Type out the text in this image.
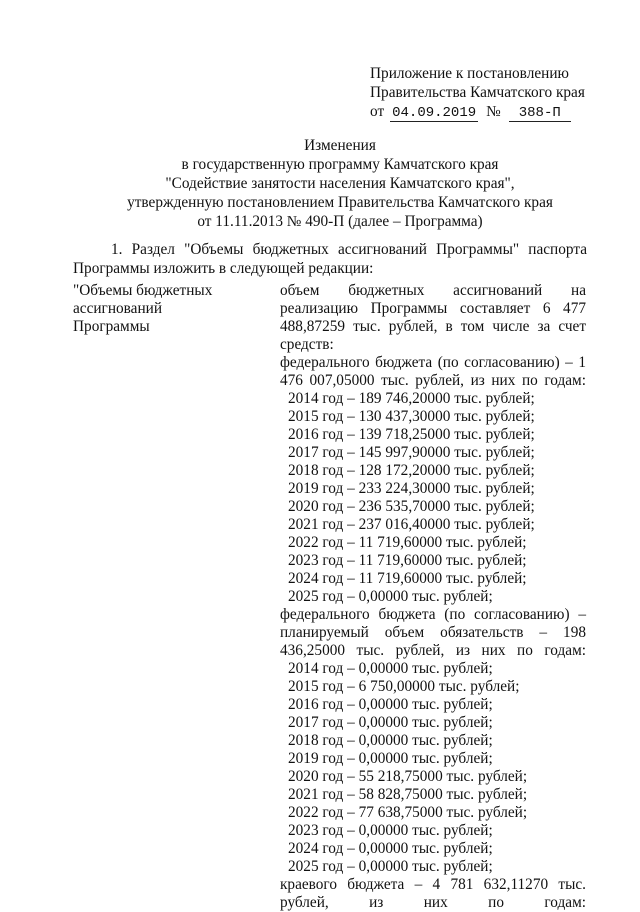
Приложение к постановлению
Правительства Камчатского края
от 04.09.2019 №	388-П
Изменения
в государственную программу Камчатского края
"Содействие занятости населения Камчатского края",
утвержденную постановлением Правительства Камчатского края
от 11.11.2013 № 490-П (далее – Программа)
1. Раздел "Объемы бюджетных ассигнований Программы" паспорта Программы изложить в следующей редакции:
"Объемы бюджетных
ассигнований
Программы
объем бюджетных ассигнований на реализацию Программы составляет 6 477 488,87259 тыс. рублей, в том числе за счет средств:
федерального бюджета (по согласованию) – 1 476 007,05000 тыс. рублей, из них по годам:
2014 год – 189 746,20000 тыс. рублей;
2015 год – 130 437,30000 тыс. рублей;
2016 год – 139 718,25000 тыс. рублей;
2017 год – 145 997,90000 тыс. рублей;
2018 год – 128 172,20000 тыс. рублей;
2019 год – 233 224,30000 тыс. рублей;
2020 год – 236 535,70000 тыс. рублей;
2021 год – 237 016,40000 тыс. рублей;
2022 год – 11 719,60000 тыс. рублей;
2023 год – 11 719,60000 тыс. рублей;
2024 год – 11 719,60000 тыс. рублей;
2025 год – 0,00000 тыс. рублей;
федерального бюджета (по согласованию) – планируемый объем обязательств – 198 436,25000 тыс. рублей, из них по годам:
2014 год – 0,00000 тыс. рублей;
2015 год – 6 750,00000 тыс. рублей;
2016 год – 0,00000 тыс. рублей;
2017 год – 0,00000 тыс. рублей;
2018 год – 0,00000 тыс. рублей;
2019 год – 0,00000 тыс. рублей;
2020 год – 55 218,75000 тыс. рублей;
2021 год – 58 828,75000 тыс. рублей;
2022 год – 77 638,75000 тыс. рублей;
2023 год – 0,00000 тыс. рублей;
2024 год – 0,00000 тыс. рублей;
2025 год – 0,00000 тыс. рублей;
краевого бюджета – 4 781 632,11270 тыс. рублей, из них по годам:
